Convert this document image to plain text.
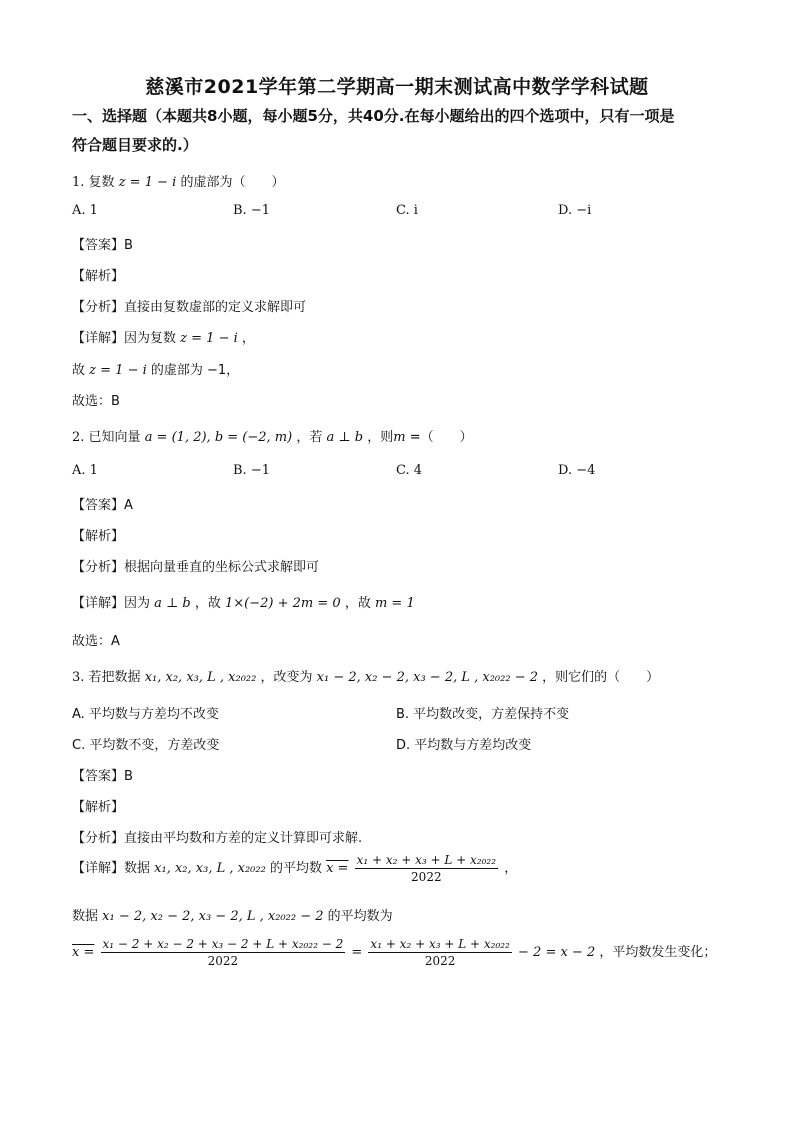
慈溪市2021学年第二学期高一期末测试高中数学学科试题
一、选择题（本题共8小题，每小题5分，共40分.在每小题给出的四个选项中，只有一项是
符合题目要求的.）
1. 复数 z = 1 − i 的虚部为（　　）
A. 1	B. −1	C. i	D. −i
【答案】B
【解析】
【分析】直接由复数虚部的定义求解即可
【详解】因为复数 z = 1 − i ，
故 z = 1 − i 的虚部为 −1，
故选：B
2. 已知向量 a = (1, 2), b = (−2, m) ，若 a ⊥ b ，则m =（　　）
A. 1	B. −1	C. 4	D. −4
【答案】A
【解析】
【分析】根据向量垂直的坐标公式求解即可
【详解】因为 a ⊥ b ，故 1×(−2) + 2m = 0 ，故 m = 1
故选：A
3. 若把数据 x₁, x₂, x₃, L , x₂₀₂₂ ，改变为 x₁ − 2, x₂ − 2, x₃ − 2, L , x₂₀₂₂ − 2 ，则它们的（　　）
A. 平均数与方差均不改变	B. 平均数改变，方差保持不变
C. 平均数不变，方差改变	D. 平均数与方差均改变
【答案】B
【解析】
【分析】直接由平均数和方差的定义计算即可求解.
【详解】数据 x₁, x₂, x₃, L , x₂₀₂₂ 的平均数 $x = \frac{\text{x₁ + x₂ + x₃ + L + x₂₀₂₂}}{2022}$ ，
数据 x₁ − 2, x₂ − 2, x₃ − 2, L , x₂₀₂₂ − 2 的平均数为
$x = \frac{\text{x₁ − 2 + x₂ − 2 + x₃ − 2 + L + x₂₀₂₂ − 2}}{2022} = \frac{\text{x₁ + x₂ + x₃ + L + x₂₀₂₂}}{2022} - 2 = x - 2$ ，平均数发生变化；
